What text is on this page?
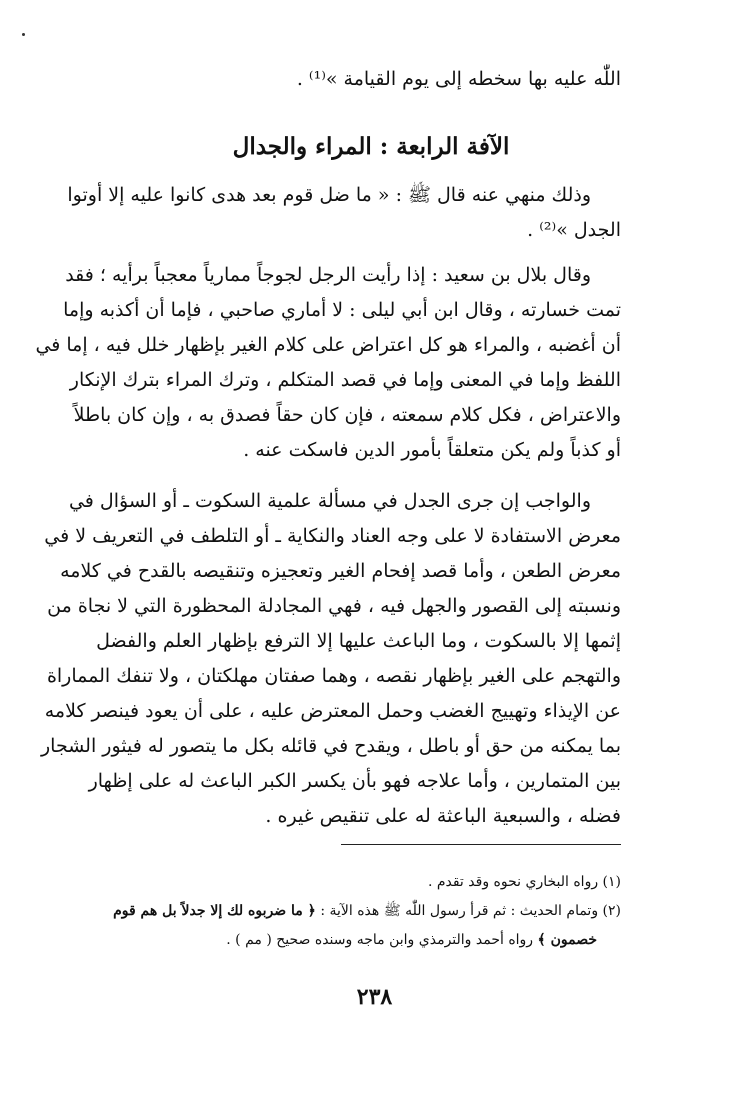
اللّٰه عليه بها سخطه إلى يوم القيامة »⁽¹⁾ .
الآفة الرابعة : المراء والجدال
وذلك منهي عنه قال ﷺ : « ما ضل قوم بعد هدى كانوا عليه إلا أوتوا
الجدل »⁽²⁾ .
وقال بلال بن سعيد : إذا رأيت الرجل لجوجاً ممارياً معجباً برأيه ؛ فقد
تمت خسارته ، وقال ابن أبي ليلى : لا أماري صاحبي ، فإما أن أكذبه وإما
أن أغضبه ، والمراء هو كل اعتراض على كلام الغير بإظهار خلل فيه ، إما في
اللفظ وإما في المعنى وإما في قصد المتكلم ، وترك المراء بترك الإنكار
والاعتراض ، فكل كلام سمعته ، فإن كان حقاً فصدق به ، وإن كان باطلاً
أو كذباً ولم يكن متعلقاً بأمور الدين فاسكت عنه .
والواجب إن جرى الجدل في مسألة علمية السكوت ـ أو السؤال في
معرض الاستفادة لا على وجه العناد والنكاية ـ أو التلطف في التعريف لا في
معرض الطعن ، وأما قصد إفحام الغير وتعجيزه وتنقيصه بالقدح في كلامه
ونسبته إلى القصور والجهل فيه ، فهي المجادلة المحظورة التي لا نجاة من
إثمها إلا بالسكوت ، وما الباعث عليها إلا الترفع بإظهار العلم والفضل
والتهجم على الغير بإظهار نقصه ، وهما صفتان مهلكتان ، ولا تنفك المماراة
عن الإيذاء وتهييج الغضب وحمل المعترض عليه ، على أن يعود فينصر كلامه
بما يمكنه من حق أو باطل ، ويقدح في قائله بكل ما يتصور له فيثور الشجار
بين المتمارين ، وأما علاجه فهو بأن يكسر الكبر الباعث له على إظهار
فضله ، والسبعية الباعثة له على تنقيص غيره .
(١) رواه البخاري نحوه وقد تقدم .
(٢) وتمام الحديث : ثم قرأ رسول اللّٰه ﷺ هذه الآية : ﴿ ما ضربوه لك إلا جدلاً بل هم قوم
خصمون ﴾ رواه أحمد والترمذي وابن ماجه وسنده صحيح ( مم ) .
٢٣٨
